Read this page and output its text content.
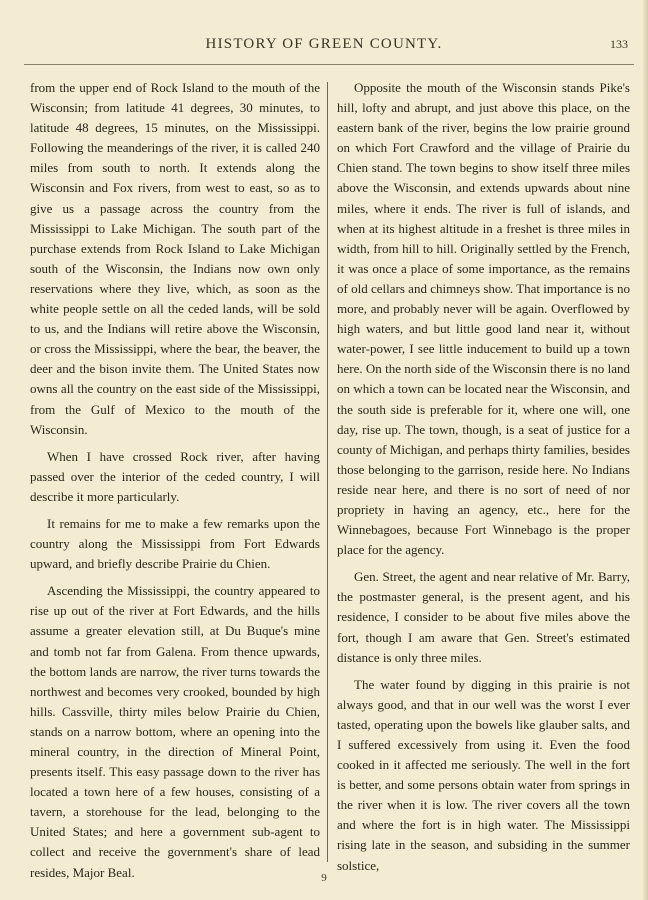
HISTORY OF GREEN COUNTY.	133

from the upper end of Rock Island to the mouth of the Wisconsin; from latitude 41 degrees, 30 minutes, to latitude 48 degrees, 15 minutes, on the Mississippi. Following the meanderings of the river, it is called 240 miles from south to north. It extends along the Wisconsin and Fox rivers, from west to east, so as to give us a passage across the country from the Mississippi to Lake Michigan. The south part of the purchase extends from Rock Island to Lake Michigan south of the Wisconsin, the Indians now own only reservations where they live, which, as soon as the white people settle on all the ceded lands, will be sold to us, and the Indians will retire above the Wisconsin, or cross the Mississippi, where the bear, the beaver, the deer and the bison invite them. The United States now owns all the country on the east side of the Mississippi, from the Gulf of Mexico to the mouth of the Wisconsin.

When I have crossed Rock river, after having passed over the interior of the ceded country, I will describe it more particularly.

It remains for me to make a few remarks upon the country along the Mississippi from Fort Edwards upward, and briefly describe Prairie du Chien.

Ascending the Mississippi, the country appeared to rise up out of the river at Fort Edwards, and the hills assume a greater elevation still, at Du Buque's mine and tomb not far from Galena. From thence upwards, the bottom lands are narrow, the river turns towards the northwest and becomes very crooked, bounded by high hills. Cassville, thirty miles below Prairie du Chien, stands on a narrow bottom, where an opening into the mineral country, in the direction of Mineral Point, presents itself. This easy passage down to the river has located a town here of a few houses, consisting of a tavern, a storehouse for the lead, belonging to the United States; and here a government sub-agent to collect and receive the government's share of lead resides, Major Beal.

Opposite the mouth of the Wisconsin stands Pike's hill, lofty and abrupt, and just above this place, on the eastern bank of the river, begins the low prairie ground on which Fort Crawford and the village of Prairie du Chien stand. The town begins to show itself three miles above the Wisconsin, and extends upwards about nine miles, where it ends. The river is full of islands, and when at its highest altitude in a freshet is three miles in width, from hill to hill. Originally settled by the French, it was once a place of some importance, as the remains of old cellars and chimneys show. That importance is no more, and probably never will be again. Overflowed by high waters, and but little good land near it, without water-power, I see little inducement to build up a town here. On the north side of the Wisconsin there is no land on which a town can be located near the Wisconsin, and the south side is preferable for it, where one will, one day, rise up. The town, though, is a seat of justice for a county of Michigan, and perhaps thirty families, besides those belonging to the garrison, reside here. No Indians reside near here, and there is no sort of need of nor propriety in having an agency, etc., here for the Winnebagoes, because Fort Winnebago is the proper place for the agency.

Gen. Street, the agent and near relative of Mr. Barry, the postmaster general, is the present agent, and his residence, I consider to be about five miles above the fort, though I am aware that Gen. Street's estimated distance is only three miles.

The water found by digging in this prairie is not always good, and that in our well was the worst I ever tasted, operating upon the bowels like glauber salts, and I suffered excessively from using it. Even the food cooked in it affected me seriously. The well in the fort is better, and some persons obtain water from springs in the river when it is low. The river covers all the town and where the fort is in high water. The Mississippi rising late in the season, and subsiding in the summer solstice,

9
